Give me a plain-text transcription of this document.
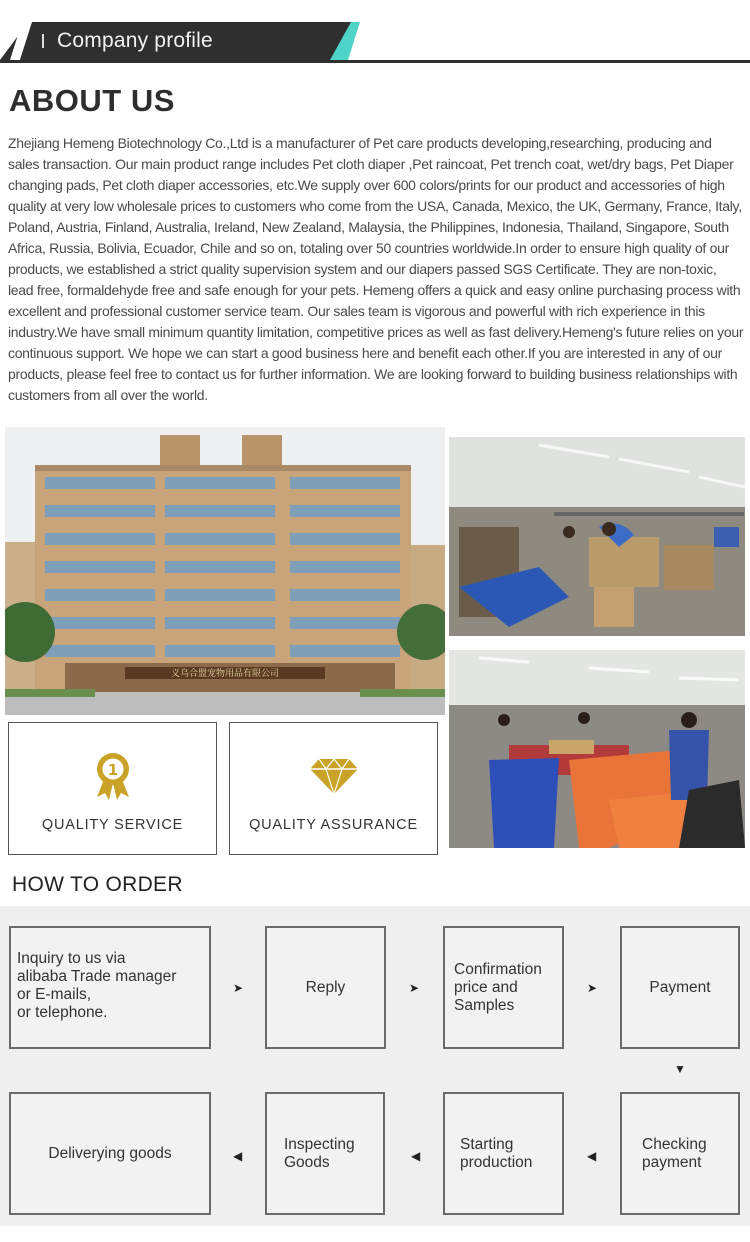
Company profile
ABOUT US
Zhejiang Hemeng Biotechnology Co.,Ltd is a manufacturer of Pet care products developing,researching, producing and sales transaction. Our main product range includes Pet cloth diaper ,Pet raincoat, Pet trench coat, wet/dry bags, Pet Diaper changing pads, Pet cloth diaper accessories, etc.We supply over 600 colors/prints for our product and accessories of high quality at very low wholesale prices to customers who come from the USA, Canada, Mexico, the UK, Germany, France, Italy, Poland, Austria, Finland, Australia, Ireland, New Zealand, Malaysia, the Philippines, Indonesia, Thailand, Singapore, South Africa, Russia, Bolivia, Ecuador, Chile and so on, totaling over 50 countries worldwide.In order to ensure high quality of our products, we established a strict quality supervision system and our diapers passed SGS Certificate. They are non-toxic, lead free, formaldehyde free and safe enough for your pets. Hemeng offers a quick and easy online purchasing process with excellent and professional customer service team. Our sales team is vigorous and powerful with rich experience in this industry.We have small minimum quantity limitation, competitive prices as well as fast delivery.Hemeng's future relies on your continuous support. We hope we can start a good business here and benefit each other.If you are interested in any of our products, please feel free to contact us for further information. We are looking forward to building business relationships with customers from all over the world.
义乌合盟宠物用品有限公司
1
QUALITY SERVICE	QUALITY ASSURANCE
HOW TO ORDER
Inquiry to us via
alibaba Trade manager
or E-mails,
or telephone.
➤	Reply	➤
Confirmation
price and
Samples
➤	Payment
▼
Deliverying goods	◀
Inspecting
Goods	◀
Starting
production	◀
Checking
payment
